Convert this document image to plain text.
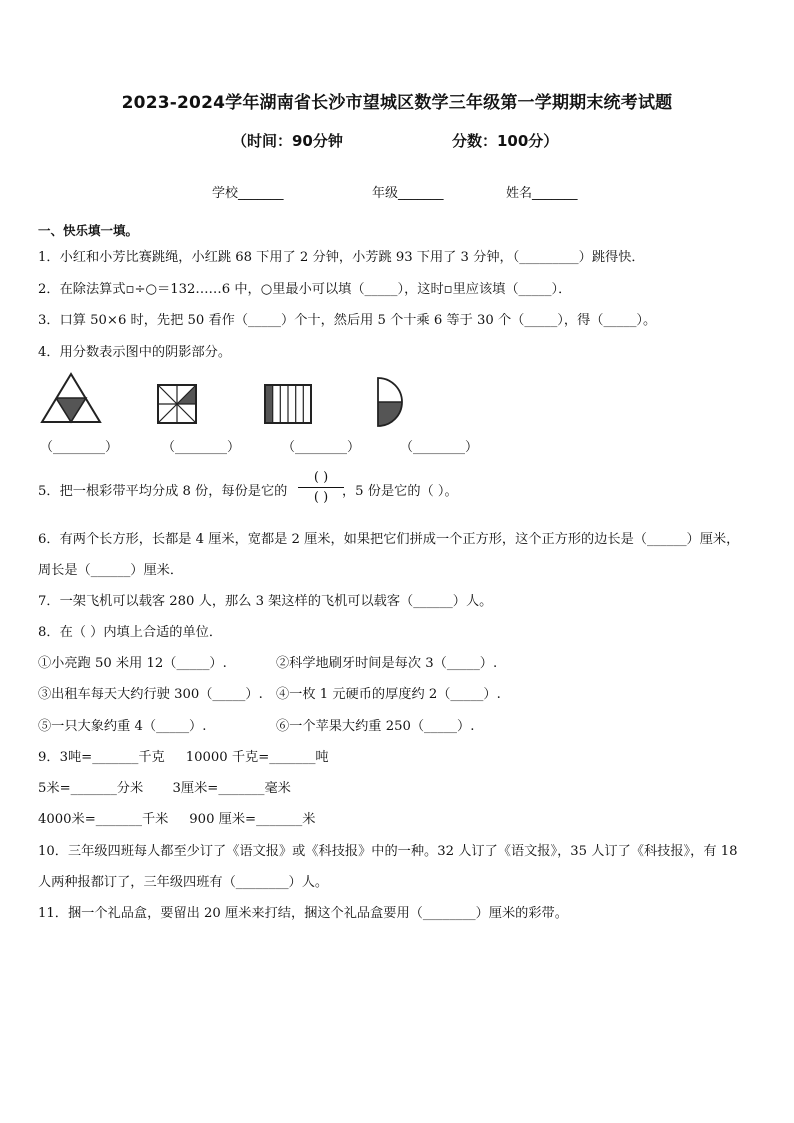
2023-2024学年湖南省长沙市望城区数学三年级第一学期期末统考试题
（时间：90分钟	分数：100分）
学校_______	年级_______	姓名_______
一、快乐填一填。
1．小红和小芳比赛跳绳，小红跳 68 下用了 2 分钟，小芳跳 93 下用了 3 分钟，（_________）跳得快．
2．在除法算式▫÷○＝132……6 中，○里最小可以填（_____），这时▫里应该填（_____）．
3．口算 50×6 时，先把 50 看作（_____）个十，然后用 5 个十乘 6 等于 30 个（_____），得（_____）。
4．用分数表示图中的阴影部分。
（________）	（________）	（________）	（________）
5．把一根彩带平均分成 8 份，每份是它的
( )
( )	，5 份是它的（ ）。
6．有两个长方形，长都是 4 厘米，宽都是 2 厘米，如果把它们拼成一个正方形，这个正方形的边长是（______）厘米，
周长是（______）厘米．
7．一架飞机可以载客 280 人，那么 3 架这样的飞机可以载客（______）人。
8．在（ ）内填上合适的单位．
①小亮跑 50 米用 12（_____）.	②科学地刷牙时间是每次 3（_____）.
③出租车每天大约行驶 300（_____）. ④一枚 1 元硬币的厚度约 2（_____）.
⑤一只大象约重 4（_____）.	⑥一个苹果大约重 250（_____）.
9．3吨=_______千克     10000 千克=_______吨
5米=_______分米       3厘米=_______毫米
4000米=_______千米     900 厘米=_______米
10．三年级四班每人都至少订了《语文报》或《科技报》中的一种。32 人订了《语文报》，35 人订了《科技报》，有 18
人两种报都订了，三年级四班有（________）人。
11．捆一个礼品盒，要留出 20 厘米来打结，捆这个礼品盒要用（________）厘米的彩带。
